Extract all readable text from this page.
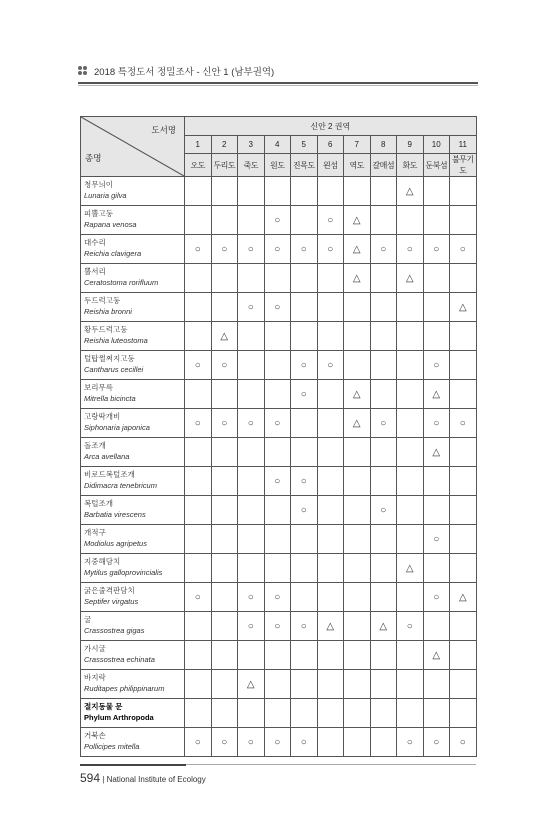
2018 특정도서 정밀조사 - 신안 1 (남부권역)
도서명
종명	신안 2 권역										
	1	2	3	4	5	6	7	8	9	10	11
	오도	두리도	죽도	원도	진목도	왼섬	역도	갈매섬	화도	둔북섬	불무기도

청무늬이
Lunaria gilva									△		

피뿔고둥
Rapana venosa				○		○	△				

대수리
Reichia clavigera	○	○	○	○	○	○	△	○	○	○	○

뿔서리
Ceratostoma rorifluum							△		△		

두드럭고둥
Reishia bronni			○	○							△

황두드럭고둥
Reishia luteostoma		△									

털탑쩔쩌지고둥
Cantharus cecillei	○	○			○	○				○	

보리무륵
Mitrella bicincta					○		△			△	

고랑딱개비
Siphonaria japonica	○	○	○	○			△	○		○	○

돌조개
Arca avellana										△	

비로드복털조개
Didimacra tenebricum				○	○						

복털조개
Barbatia virescens					○			○			

개적구
Modiolus agripetus										○	

지중해담치
Mytilus galloprovincialis									△		

굵은줄격판담치
Septifer virgatus	○		○	○						○	△

굴
Crassostrea gigas			○	○	○	△		△	○		

가시굴
Crassostrea echinata										△	

바지락
Ruditapes philippinarum			△								

절지동물 문
Phylum Arthropoda											

거북손
Pollicipes mitella	○	○	○	○	○				○	○	○
594 | National Institute of Ecology
